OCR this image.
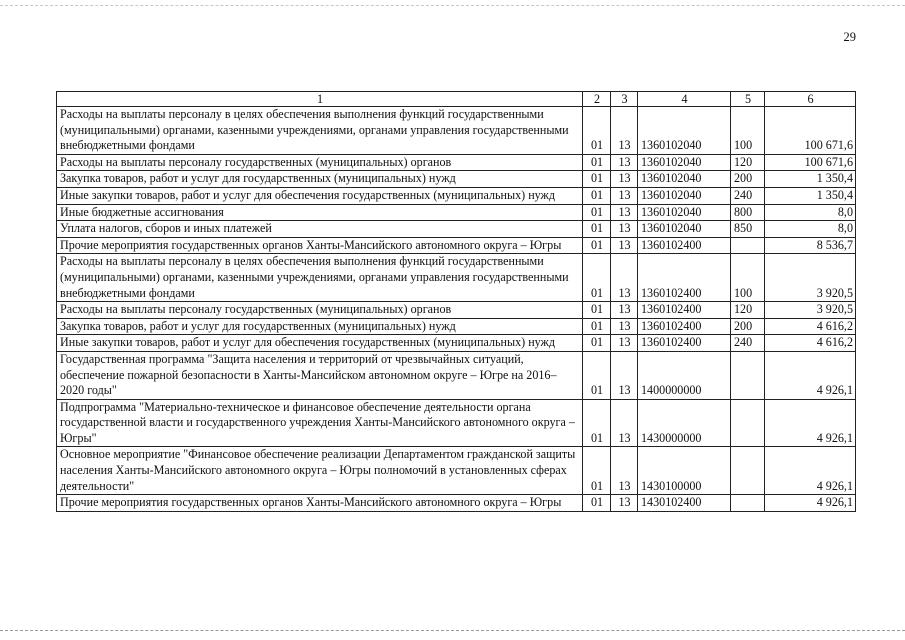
29
1	2	3	4	5	6
Расходы на выплаты персоналу в целях обеспечения выполнения функций государственными (муниципальными) органами, казенными учреждениями, органами управления государственными внебюджетными фондами	01	13	1360102040	100	100 671,6
Расходы на выплаты персоналу государственных (муниципальных) органов	01	13	1360102040	120	100 671,6
Закупка товаров, работ и услуг для государственных (муниципальных) нужд	01	13	1360102040	200	1 350,4
Иные закупки товаров, работ и услуг для обеспечения государственных (муниципальных) нужд	01	13	1360102040	240	1 350,4
Иные бюджетные ассигнования	01	13	1360102040	800	8,0
Уплата налогов, сборов и иных платежей	01	13	1360102040	850	8,0
Прочие мероприятия государственных органов Ханты-Мансийского автономного округа – Югры	01	13	1360102400		8 536,7
Расходы на выплаты персоналу в целях обеспечения выполнения функций государственными (муниципальными) органами, казенными учреждениями, органами управления государственными внебюджетными фондами	01	13	1360102400	100	3 920,5
Расходы на выплаты персоналу государственных (муниципальных) органов	01	13	1360102400	120	3 920,5
Закупка товаров, работ и услуг для государственных (муниципальных) нужд	01	13	1360102400	200	4 616,2
Иные закупки товаров, работ и услуг для обеспечения государственных (муниципальных) нужд	01	13	1360102400	240	4 616,2
Государственная программа "Защита населения и территорий от чрезвычайных ситуаций, обеспечение пожарной безопасности в Ханты-Мансийском автономном округе – Югре на 2016–2020 годы"	01	13	1400000000		4 926,1
Подпрограмма "Материально-техническое и финансовое обеспечение деятельности органа государственной власти и государственного учреждения Ханты-Мансийского автономного округа – Югры"	01	13	1430000000		4 926,1
Основное мероприятие "Финансовое обеспечение реализации Департаментом гражданской защиты населения Ханты-Мансийского автономного округа – Югры полномочий в установленных сферах деятельности"	01	13	1430100000		4 926,1
Прочие мероприятия государственных органов Ханты-Мансийского автономного округа – Югры	01	13	1430102400		4 926,1
